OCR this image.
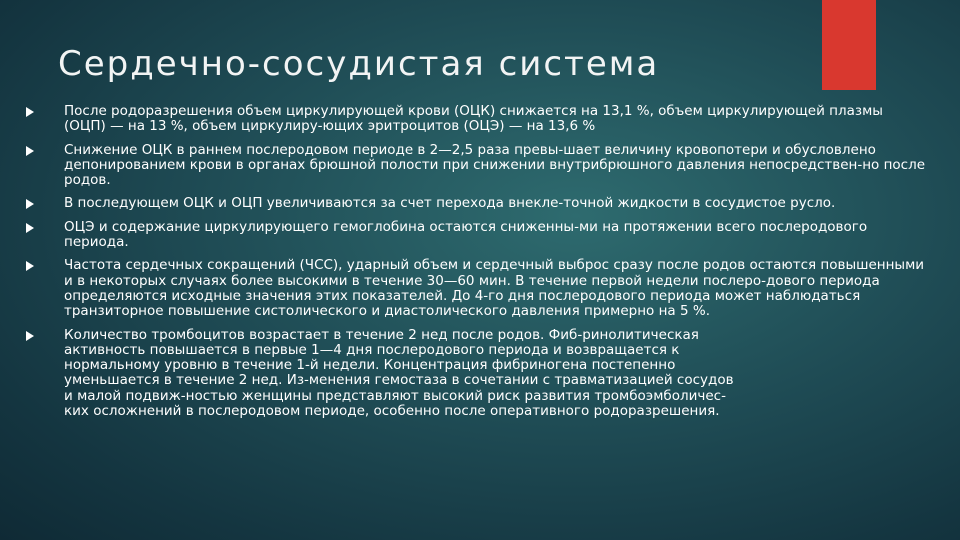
Сердечно-сосудистая система
После родоразрешения объем циркулирующей крови (ОЦК) снижается на 13,1 %, объем циркулирующей плазмы (ОЦП) — на 13 %, объем циркулиру-ющих эритроцитов (ОЦЭ) — на 13,6 %
Снижение ОЦК в раннем послеродовом периоде в 2—2,5 раза превы-шает величину кровопотери и обусловлено депонированием крови в органах брюшной полости при снижении внутрибрюшного давления непосредствен-но после родов.
В последующем ОЦК и ОЦП увеличиваются за счет перехода внекле-точной жидкости в сосудистое русло.
ОЦЭ и содержание циркулирующего гемоглобина остаются сниженны-ми на протяжении всего послеродового периода.
Частота сердечных сокращений (ЧСС), ударный объем и сердечный выброс сразу после родов остаются повышенными и в некоторых случаях более высокими в течение 30—60 мин. В течение первой недели послеро-дового периода определяются исходные значения этих показателей. До 4-го дня послеродового периода может наблюдаться транзиторное повышение систолического и диастолического давления примерно на 5 %.
Количество тромбоцитов возрастает в течение 2 нед после родов. Фиб-ринолитическая активность повышается в первые 1—4 дня послеродового периода и возвращается к нормальному уровню в течение 1-й недели. Концентрация фибриногена постепенно уменьшается в течение 2 нед. Из-менения гемостаза в сочетании с травматизацией сосудов и малой подвиж-ностью женщины представляют высокий риск развития тромбоэмболичес-ких осложнений в послеродовом периоде, особенно после оперативного родоразрешения.
